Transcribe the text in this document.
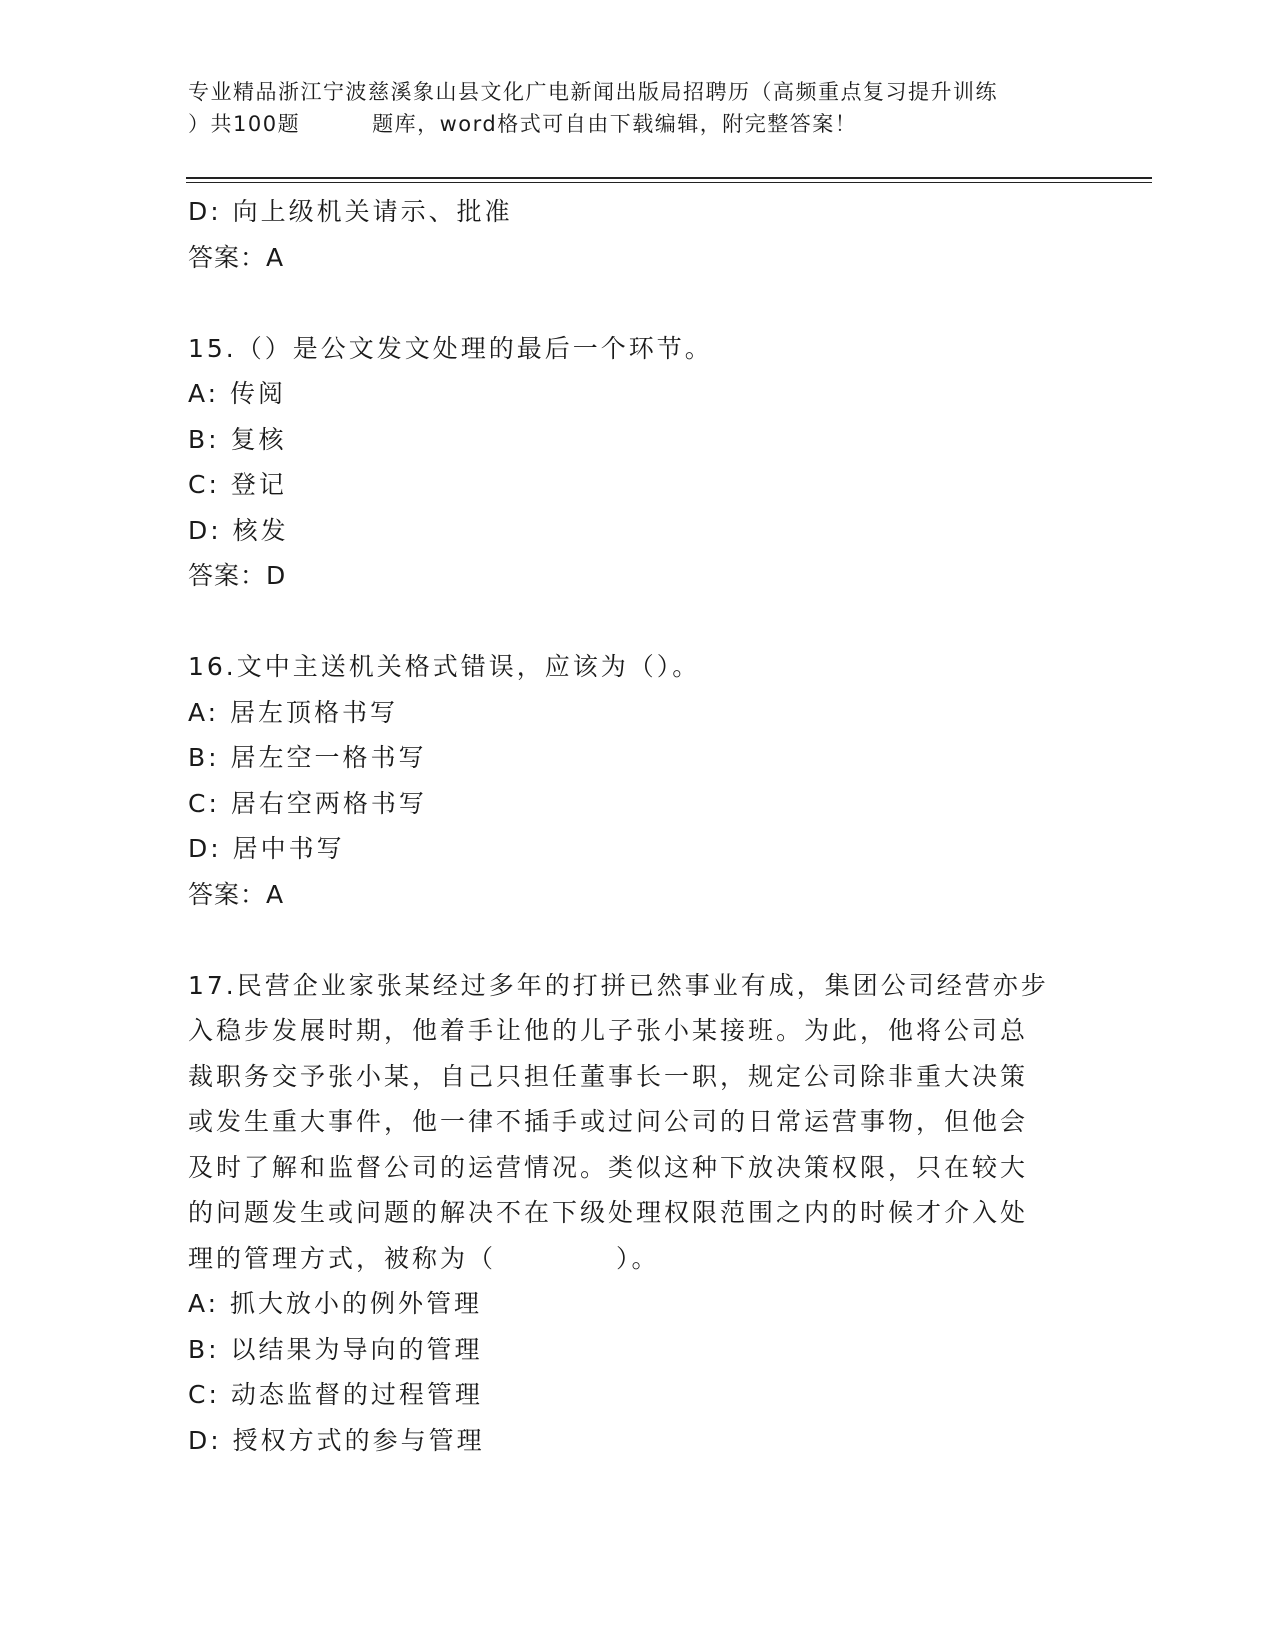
专业精品浙江宁波慈溪象山县文化广电新闻出版局招聘历（高频重点复习提升训练
）共100题	题库，word格式可自由下载编辑，附完整答案！
D: 向上级机关请示、批准
答案：A
15.（）是公文发文处理的最后一个环节。
A: 传阅
B: 复核
C: 登记
D: 核发
答案：D
16.文中主送机关格式错误，应该为（）。
A: 居左顶格书写
B: 居左空一格书写
C: 居右空两格书写
D: 居中书写
答案：A
17.民营企业家张某经过多年的打拼已然事业有成，集团公司经营亦步
入稳步发展时期，他着手让他的儿子张小某接班。为此，他将公司总
裁职务交予张小某，自己只担任董事长一职，规定公司除非重大决策
或发生重大事件，他一律不插手或过问公司的日常运营事物，但他会
及时了解和监督公司的运营情况。类似这种下放决策权限，只在较大
的问题发生或问题的解决不在下级处理权限范围之内的时候才介入处
理的管理方式，被称为（	）。
A: 抓大放小的例外管理
B: 以结果为导向的管理
C: 动态监督的过程管理
D: 授权方式的参与管理
